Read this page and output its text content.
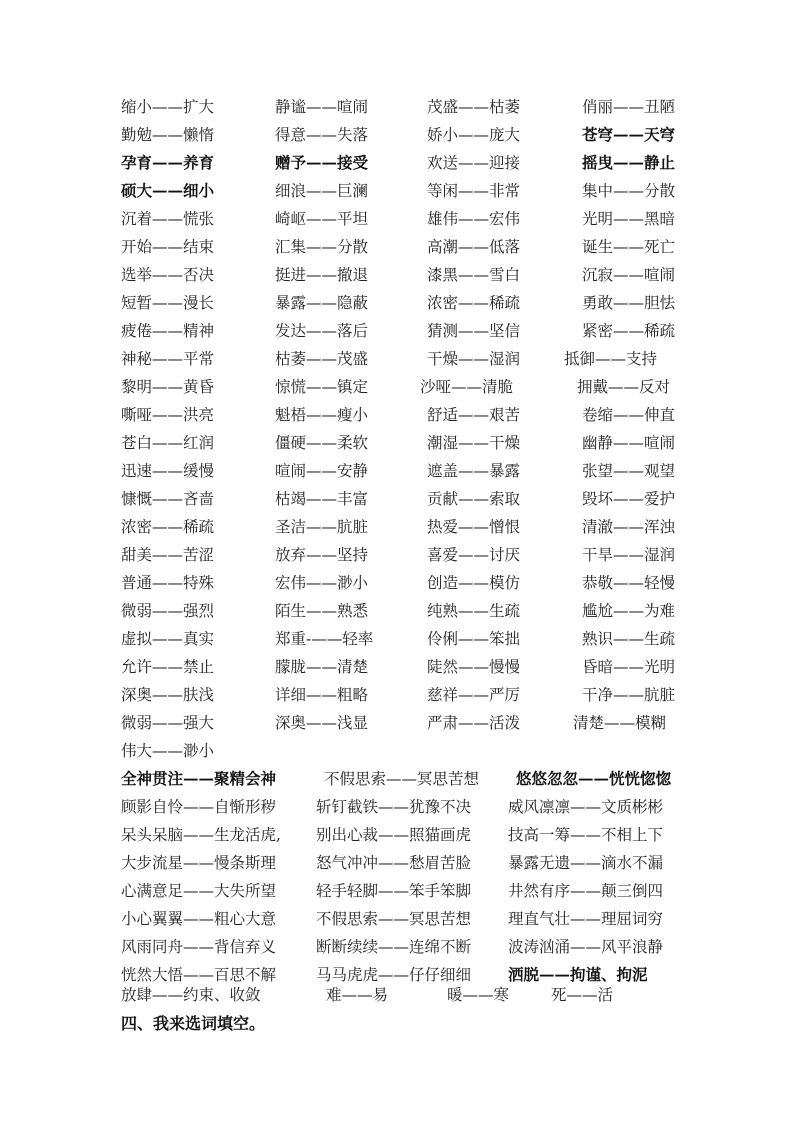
缩小——扩大	静谧——喧闹	茂盛——枯萎	俏丽——丑陋
勤勉——懒惰	得意——失落	娇小——庞大	苍穹——天穹
孕育——养育	赠予——接受	欢送——迎接	摇曳——静止
硕大——细小	细浪——巨澜	等闲——非常	集中——分散
沉着——慌张	崎岖——平坦	雄伟——宏伟	光明——黑暗
开始——结束	汇集——分散	高潮——低落	诞生——死亡
选举——否决	挺进——撤退	漆黑——雪白	沉寂——喧闹
短暂——漫长	暴露——隐蔽	浓密——稀疏	勇敢——胆怯
疲倦——精神	发达——落后	猜测——坚信	紧密——稀疏
神秘——平常	枯萎——茂盛	干燥——湿润	抵御——支持
黎明——黄昏	惊慌——镇定	沙哑——清脆	拥戴——反对
嘶哑——洪亮	魁梧——瘦小	舒适——艰苦	卷缩——伸直
苍白——红润	僵硬——柔软	潮湿——干燥	幽静——喧闹
迅速——缓慢	喧闹——安静	遮盖——暴露	张望——观望
慷慨——吝啬	枯竭——丰富	贡献——索取	毁坏——爱护
浓密——稀疏	圣洁——肮脏	热爱——憎恨	清澈——浑浊
甜美——苦涩	放弃——坚持	喜爱——讨厌	干旱——湿润
普通——特殊	宏伟——渺小	创造——模仿	恭敬——轻慢
微弱——强烈	陌生——熟悉	纯熟——生疏	尴尬——为难
虚拟——真实	郑重-——轻率	伶俐——笨拙	熟识——生疏
允许——禁止	朦胧——清楚	陡然——慢慢	昏暗——光明
深奥——肤浅	详细——粗略	慈祥——严厉	干净——肮脏
微弱——强大	深奥——浅显	严肃——活泼	清楚——模糊
伟大——渺小
全神贯注——聚精会神	不假思索——冥思苦想 悠悠忽忽——恍恍惚惚
顾影自怜——自惭形秽	斩钉截铁——犹豫不决 威风凛凛——文质彬彬
呆头呆脑——生龙活虎, 别出心裁——照猫画虎 技高一筹——不相上下
大步流星——慢条斯理	怒气冲冲——愁眉苦脸 暴露无遗——滴水不漏
心满意足——大失所望	轻手轻脚——笨手笨脚 井然有序——颠三倒四
小心翼翼——粗心大意	不假思索——冥思苦想 理直气壮——理屈词穷
风雨同舟——背信弃义	断断续续——连绵不断 波涛汹涌——风平浪静
恍然大悟——百思不解	马马虎虎——仔仔细细 洒脱——拘谨、拘泥
放肆——约束、收敛	难——易	暖——寒	死——活
四、我来选词填空。
